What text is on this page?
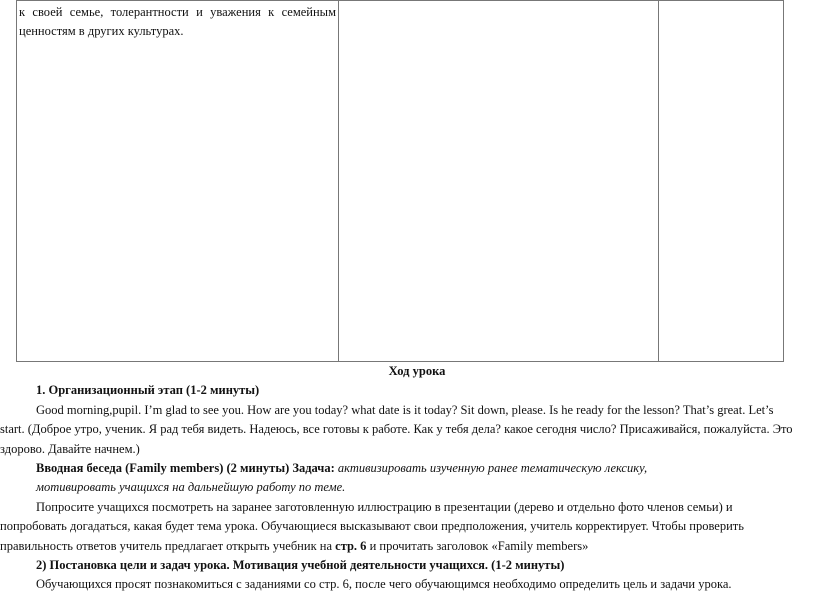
к своей семье, толерантности и уважения к семейным
ценностям в других культурах.

Ход урока
1. Организационный этап (1-2 минуты)
Good morning,pupil. I’m glad to see you. How are you today? what date is it today? Sit down, please. Is he ready for the lesson? That’s great. Let’s
start. (Доброе утро, ученик. Я рад тебя видеть. Надеюсь, все готовы к работе. Как у тебя дела? какое сегодня число? Присаживайся, пожалуйста. Это
здорово. Давайте начнем.)
Вводная беседа (Family members) (2 минуты) Задача: активизировать изученную ранее тематическую лексику,
мотивировать учащихся на дальнейшую работу по теме.
Попросите учащихся посмотреть на заранее заготовленную иллюстрацию в презентации (дерево и отдельно фото членов семьи) и
попробовать догадаться, какая будет тема урока. Обучающиеся высказывают свои предположения, учитель корректирует. Чтобы проверить
правильность ответов учитель предлагает открыть учебник на стр. 6 и прочитать заголовок «Family members»
2) Постановка цели и задач урока. Мотивация учебной деятельности учащихся. (1-2 минуты)
Обучающихся просят познакомиться с заданиями со стр. 6, после чего обучающимся необходимо определить цель и задачи урока.
